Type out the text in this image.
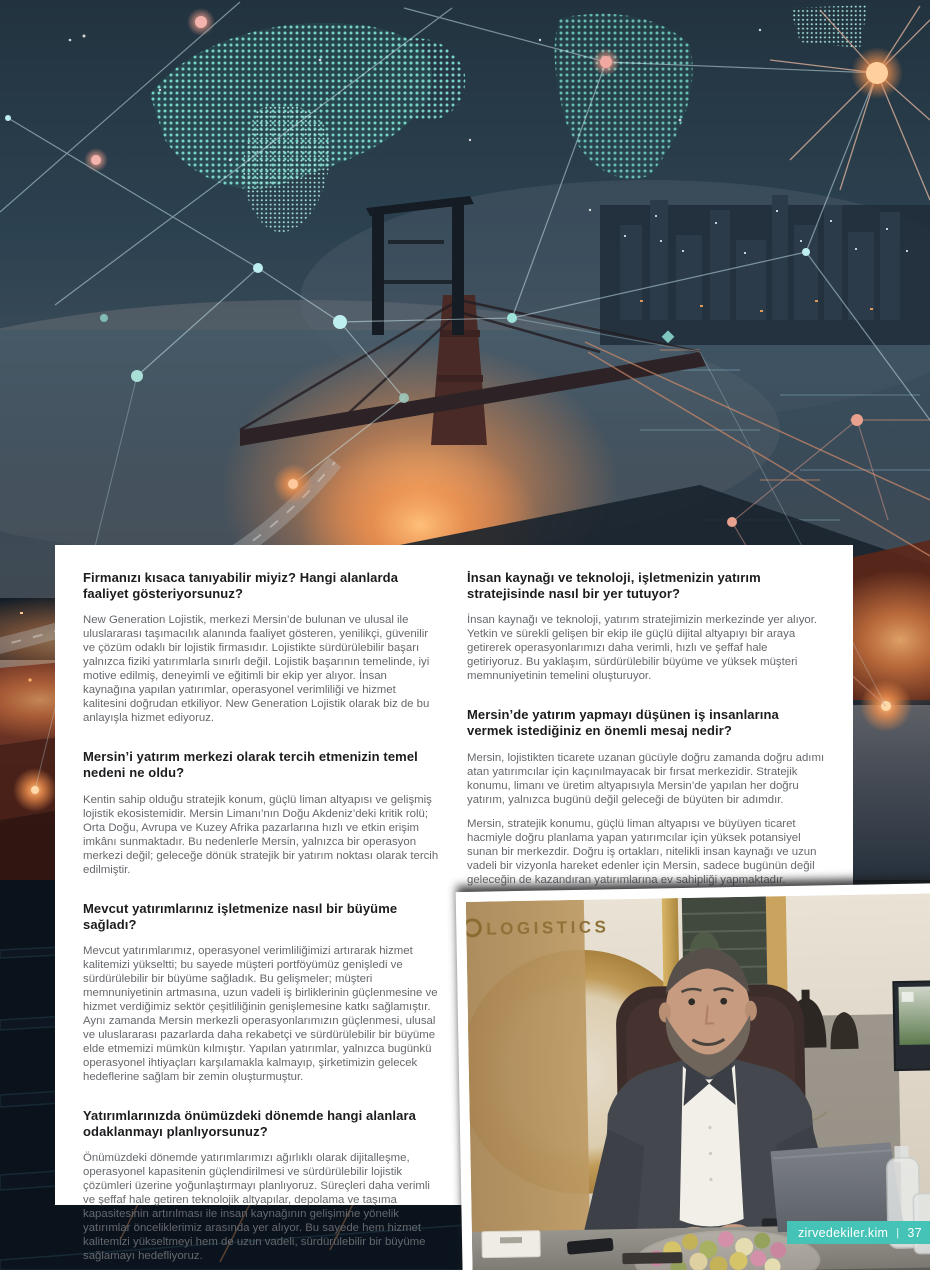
Firmanızı kısaca tanıyabilir miyiz? Hangi alanlarda faaliyet gösteriyorsunuz?

New Generation Lojistik, merkezi Mersin’de bulunan ve ulusal ile uluslararası taşımacılık alanında faaliyet gösteren, yenilikçi, güvenilir ve çözüm odaklı bir lojistik firmasıdır. Lojistikte sürdürülebilir başarı yalnızca fiziki yatırımlarla sınırlı değil. Lojistik başarının temelinde, iyi motive edilmiş, deneyimli ve eğitimli bir ekip yer alıyor. İnsan kaynağına yapılan yatırımlar, operasyonel verimliliği ve hizmet kalitesini doğrudan etkiliyor. New Generation Lojistik olarak biz de bu anlayışla hizmet ediyoruz.

Mersin’i yatırım merkezi olarak tercih etmenizin temel nedeni ne oldu?

Kentin sahip olduğu stratejik konum, güçlü liman altyapısı ve gelişmiş lojistik ekosistemidir. Mersin Limanı’nın Doğu Akdeniz’deki kritik rolü; Orta Doğu, Avrupa ve Kuzey Afrika pazarlarına hızlı ve etkin erişim imkânı sunmaktadır. Bu nedenlerle Mersin, yalnızca bir operasyon merkezi değil; geleceğe dönük stratejik bir yatırım noktası olarak tercih edilmiştir.

Mevcut yatırımlarınız işletmenize nasıl bir büyüme sağladı?

Mevcut yatırımlarımız, operasyonel verimliliğimizi artırarak hizmet kalitemizi yükseltti; bu sayede müşteri portföyümüz genişledi ve sürdürülebilir bir büyüme sağladık. Bu gelişmeler; müşteri memnuniyetinin artmasına, uzun vadeli iş birliklerinin güçlenmesine ve hizmet verdiğimiz sektör çeşitliliğinin genişlemesine katkı sağlamıştır. Aynı zamanda Mersin merkezli operasyonlarımızın güçlenmesi, ulusal ve uluslararası pazarlarda daha rekabetçi ve sürdürülebilir bir büyüme elde etmemizi mümkün kılmıştır. Yapılan yatırımlar, yalnızca bugünkü operasyonel ihtiyaçları karşılamakla kalmayıp, şirketimizin gelecek hedeflerine sağlam bir zemin oluşturmuştur.

Yatırımlarınızda önümüzdeki dönemde hangi alanlara odaklanmayı planlıyorsunuz?

Önümüzdeki dönemde yatırımlarımızı ağırlıklı olarak dijitalleşme, operasyonel kapasitenin güçlendirilmesi ve sürdürülebilir lojistik çözümleri üzerine yoğunlaştırmayı planlıyoruz. Süreçleri daha verimli ve şeffaf hale getiren teknolojik altyapılar, depolama ve taşıma kapasitesinin artırılması ile insan kaynağının gelişimine yönelik yatırımlar önceliklerimiz arasında yer alıyor. Bu sayede hem hizmet kalitemizi yükseltmeyi hem de uzun vadeli, sürdürülebilir bir büyüme sağlamayı hedefliyoruz.

İnsan kaynağı ve teknoloji, işletmenizin yatırım stratejisinde nasıl bir yer tutuyor?

İnsan kaynağı ve teknoloji, yatırım stratejimizin merkezinde yer alıyor. Yetkin ve sürekli gelişen bir ekip ile güçlü dijital altyapıyı bir araya getirerek operasyonlarımızı daha verimli, hızlı ve şeffaf hale getiriyoruz. Bu yaklaşım, sürdürülebilir büyüme ve yüksek müşteri memnuniyetinin temelini oluşturuyor.

Mersin’de yatırım yapmayı düşünen iş insanlarına vermek istediğiniz en önemli mesaj nedir?

Mersin, lojistikten ticarete uzanan gücüyle doğru zamanda doğru adımı atan yatırımcılar için kaçınılmayacak bir fırsat merkezidir. Stratejik konumu, limanı ve üretim altyapısıyla Mersin’de yapılan her doğru yatırım, yalnızca bugünü değil geleceği de büyüten bir adımdır.

Mersin, stratejik konumu, güçlü liman altyapısı ve büyüyen ticaret hacmiyle doğru planlama yapan yatırımcılar için yüksek potansiyel sunan bir merkezdir. Doğru iş ortakları, nitelikli insan kaynağı ve uzun vadeli bir vizyonla hareket edenler için Mersin, sadece bugünün değil geleceğin de kazandıran yatırımlarına ev sahipliği yapmaktadır.

LOGISTICS
zirvedekiler.kim | 37
